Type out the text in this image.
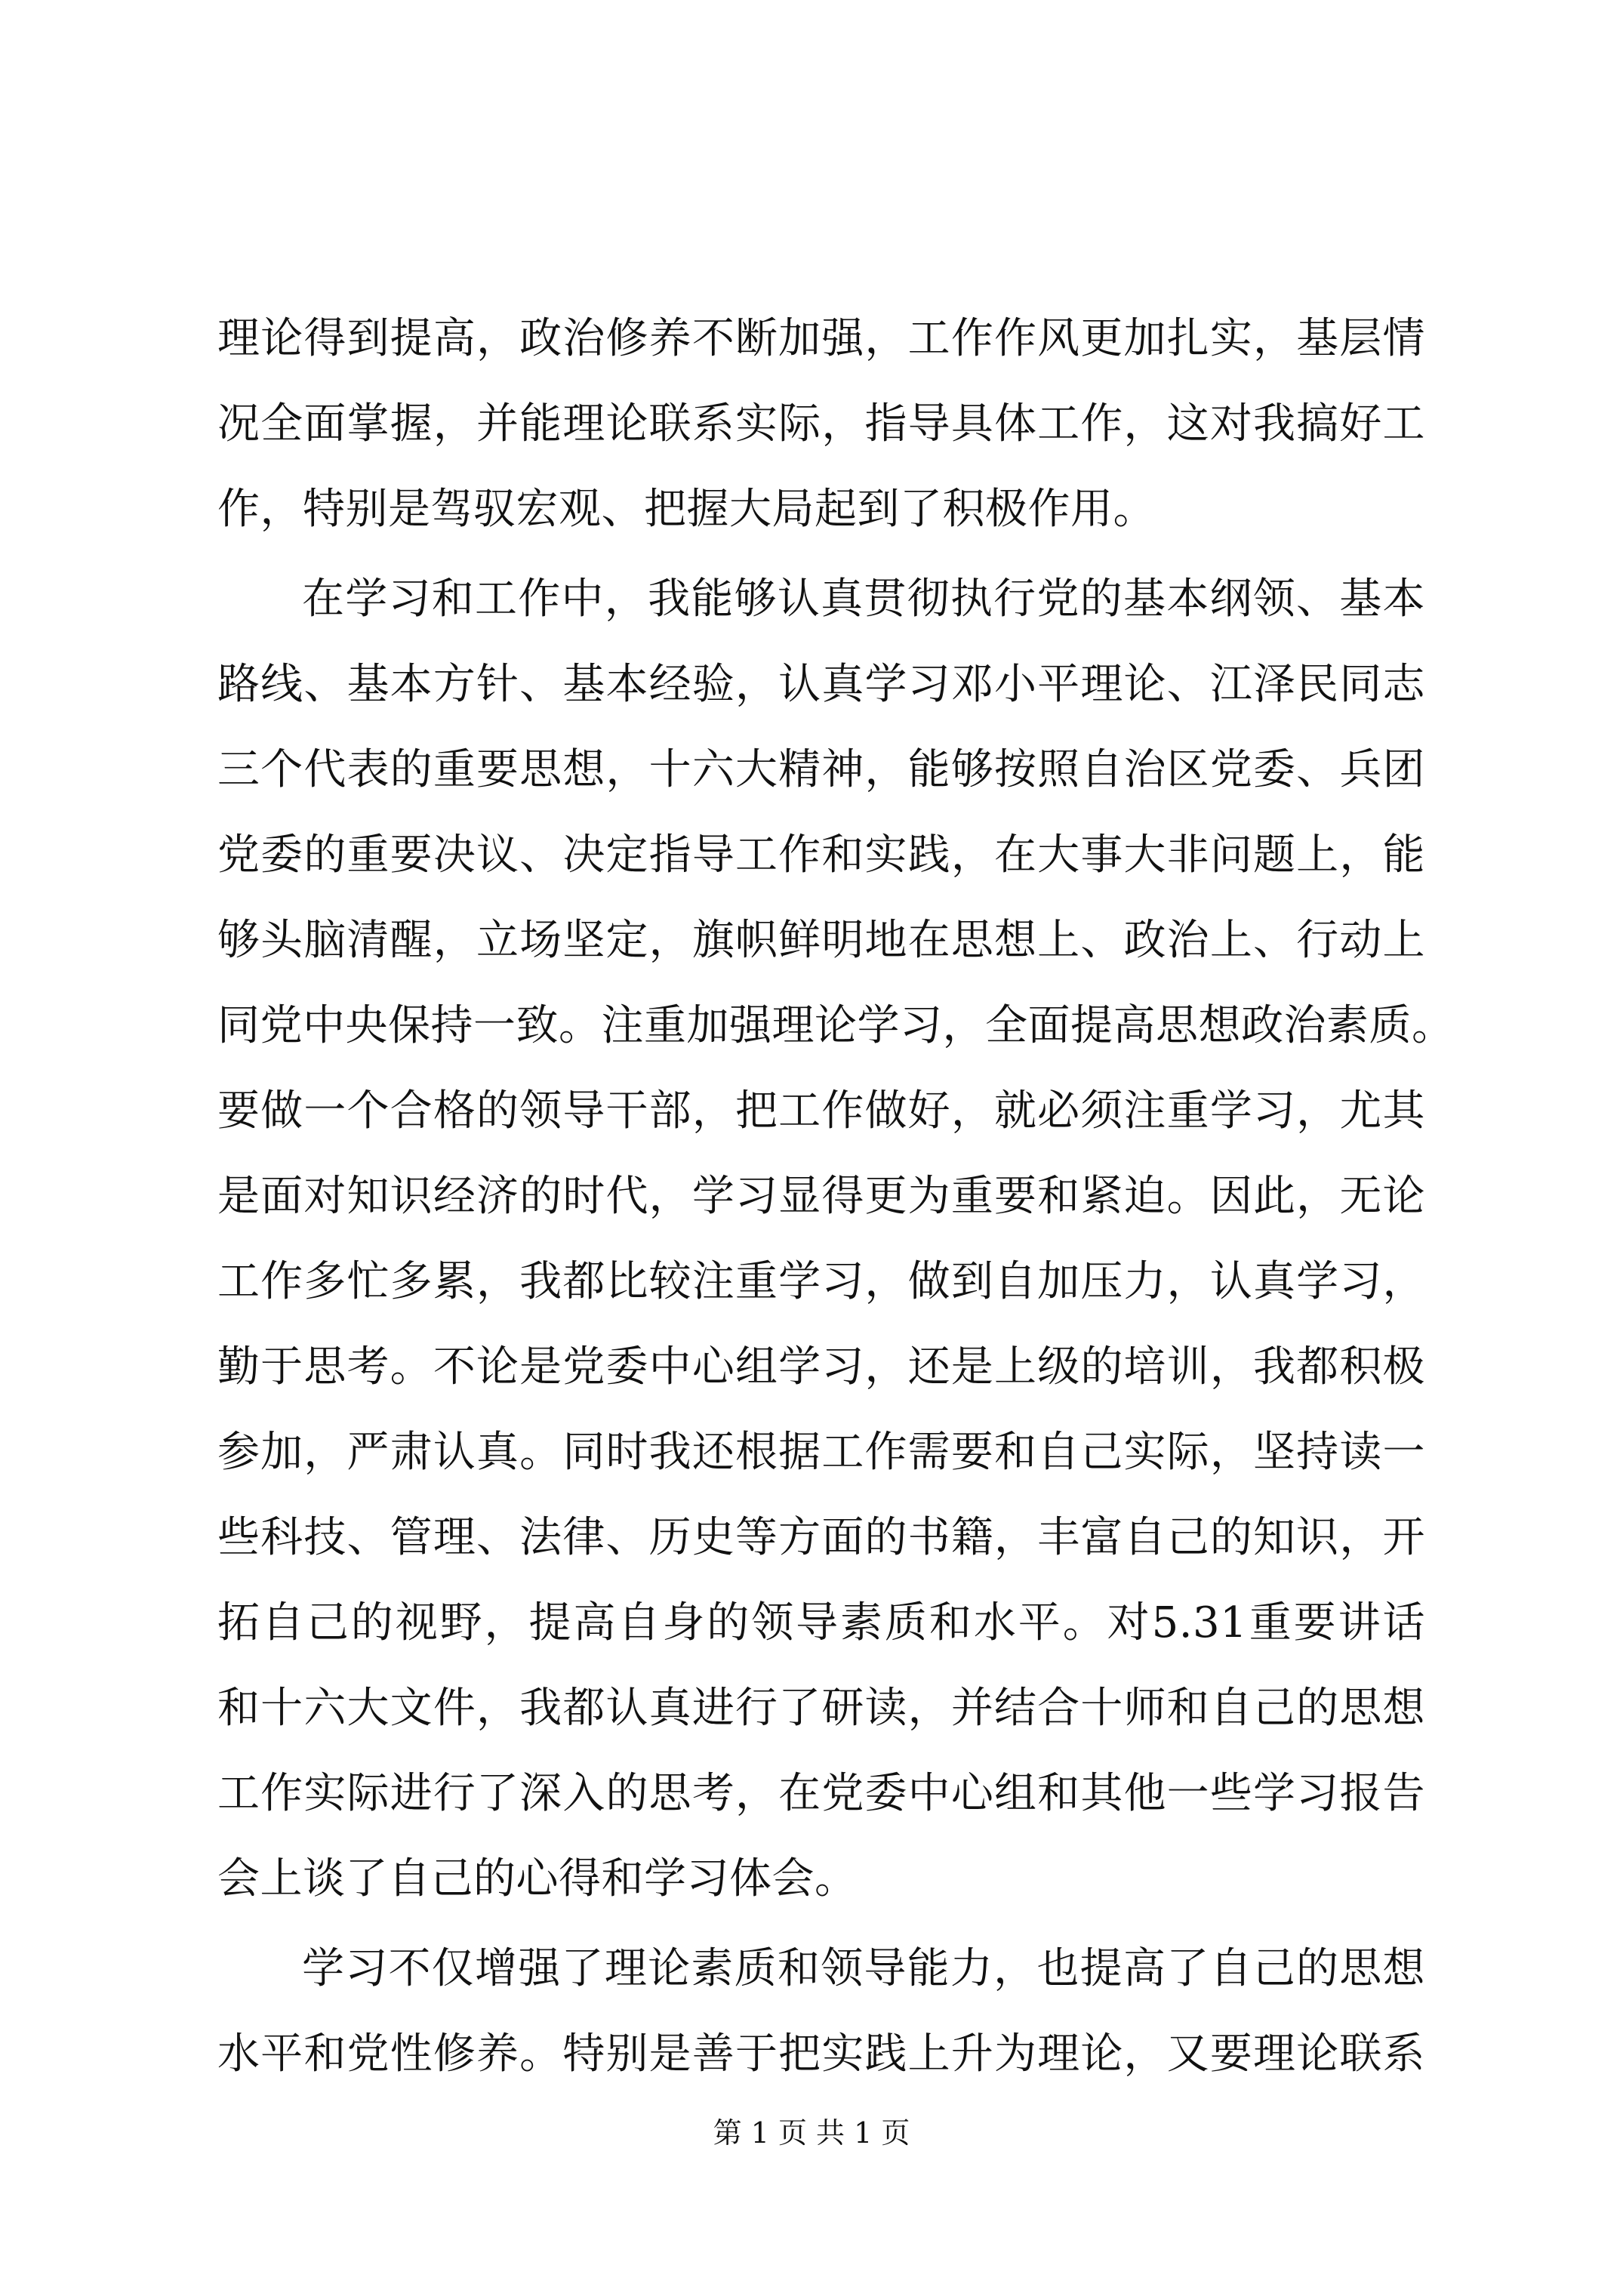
理论得到提高，政治修养不断加强，工作作风更加扎实，基层情
况全面掌握，并能理论联系实际，指导具体工作，这对我搞好工
作，特别是驾驭宏观、把握大局起到了积极作用。
在学习和工作中，我能够认真贯彻执行党的基本纲领、基本
路线、基本方针、基本经验，认真学习邓小平理论、江泽民同志
三个代表的重要思想，十六大精神，能够按照自治区党委、兵团
党委的重要决议、决定指导工作和实践，在大事大非问题上，能
够头脑清醒，立场坚定，旗帜鲜明地在思想上、政治上、行动上
同党中央保持一致。注重加强理论学习，全面提高思想政治素质。
要做一个合格的领导干部，把工作做好，就必须注重学习，尤其
是面对知识经济的时代，学习显得更为重要和紧迫。因此，无论
工作多忙多累，我都比较注重学习，做到自加压力，认真学习，
勤于思考。不论是党委中心组学习，还是上级的培训，我都积极
参加，严肃认真。同时我还根据工作需要和自己实际，坚持读一
些科技、管理、法律、历史等方面的书籍，丰富自己的知识，开
拓自己的视野，提高自身的领导素质和水平。对5.31重要讲话
和十六大文件，我都认真进行了研读，并结合十师和自己的思想
工作实际进行了深入的思考，在党委中心组和其他一些学习报告
会上谈了自己的心得和学习体会。
学习不仅增强了理论素质和领导能力，也提高了自己的思想
水平和党性修养。特别是善于把实践上升为理论，又要理论联系
第 1 页 共 1 页
